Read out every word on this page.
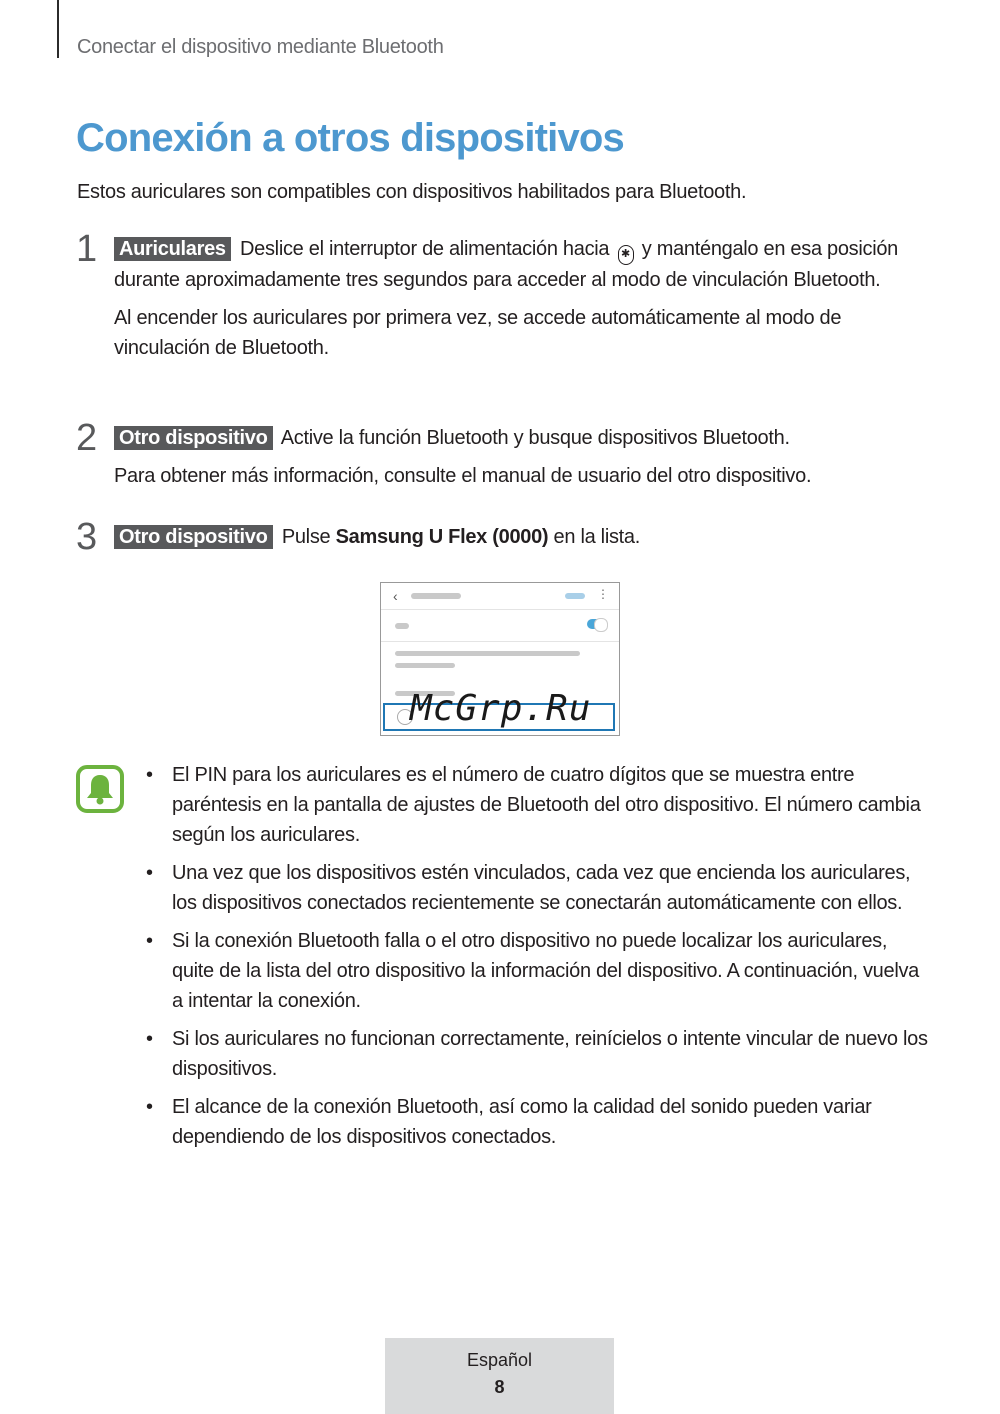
Conectar el dispositivo mediante Bluetooth
Conexión a otros dispositivos
Estos auriculares son compatibles con dispositivos habilitados para Bluetooth.
1 Auriculares Deslice el interruptor de alimentación hacia ✱ y manténgalo en esa posición durante aproximadamente tres segundos para acceder al modo de vinculación Bluetooth.
Al encender los auriculares por primera vez, se accede automáticamente al modo de vinculación de Bluetooth.
2 Otro dispositivo Active la función Bluetooth y busque dispositivos Bluetooth.
Para obtener más información, consulte el manual de usuario del otro dispositivo.
3 Otro dispositivo Pulse Samsung U Flex (0000) en la lista.
‹	⋮
McGrp.Ru
• El PIN para los auriculares es el número de cuatro dígitos que se muestra entre paréntesis en la pantalla de ajustes de Bluetooth del otro dispositivo. El número cambia según los auriculares.
• Una vez que los dispositivos estén vinculados, cada vez que encienda los auriculares, los dispositivos conectados recientemente se conectarán automáticamente con ellos.
• Si la conexión Bluetooth falla o el otro dispositivo no puede localizar los auriculares, quite de la lista del otro dispositivo la información del dispositivo. A continuación, vuelva a intentar la conexión.
• Si los auriculares no funcionan correctamente, reinícielos o intente vincular de nuevo los dispositivos.
• El alcance de la conexión Bluetooth, así como la calidad del sonido pueden variar dependiendo de los dispositivos conectados.
Español
8
